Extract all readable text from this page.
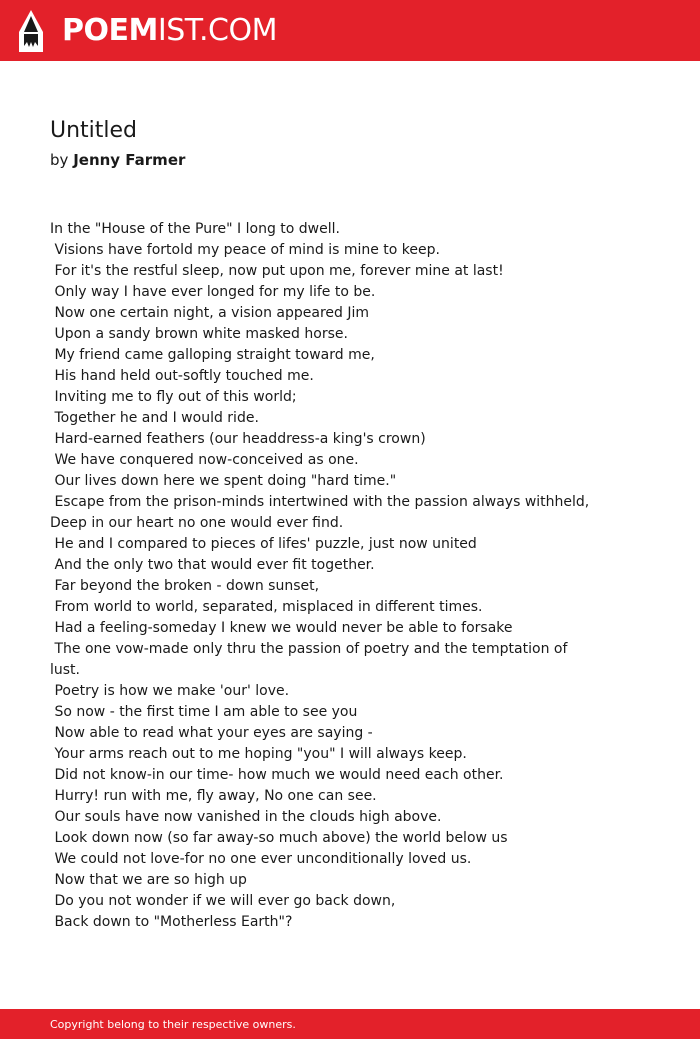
POEMIST.COM
Untitled
by Jenny Farmer

In the "House of the Pure" I long to dwell.

Visions have fortold my peace of mind is mine to keep.

For it's the restful sleep, now put upon me, forever mine at last!

Only way I have ever longed for my life to be.

Now one certain night, a vision appeared Jim

Upon a sandy brown white masked horse.

My friend came galloping straight toward me,

His hand held out-softly touched me.

Inviting me to fly out of this world;

Together he and I would ride.

Hard-earned feathers (our headdress-a king's crown)

We have conquered now-conceived as one.

Our lives down here we spent doing "hard time."

Escape from the prison-minds intertwined with the passion always withheld, Deep in our heart no one would ever find.

He and I compared to pieces of lifes' puzzle, just now united

And the only two that would ever fit together.

Far beyond the broken - down sunset,

From world to world, separated, misplaced in different times.

Had a feeling-someday I knew we would never be able to forsake

The one vow-made only thru the passion of poetry and the temptation of lust.

Poetry is how we make 'our' love.

So now - the first time I am able to see you

Now able to read what your eyes are saying -

Your arms reach out to me hoping "you" I will always keep.

Did not know-in our time- how much we would need each other.

Hurry! run with me, fly away, No one can see.

Our souls have now vanished in the clouds high above.

Look down now (so far away-so much above) the world below us

We could not love-for no one ever unconditionally loved us.

Now that we are so high up

Do you not wonder if we will ever go back down,

Back down to "Motherless Earth"?

Copyright belong to their respective owners.
